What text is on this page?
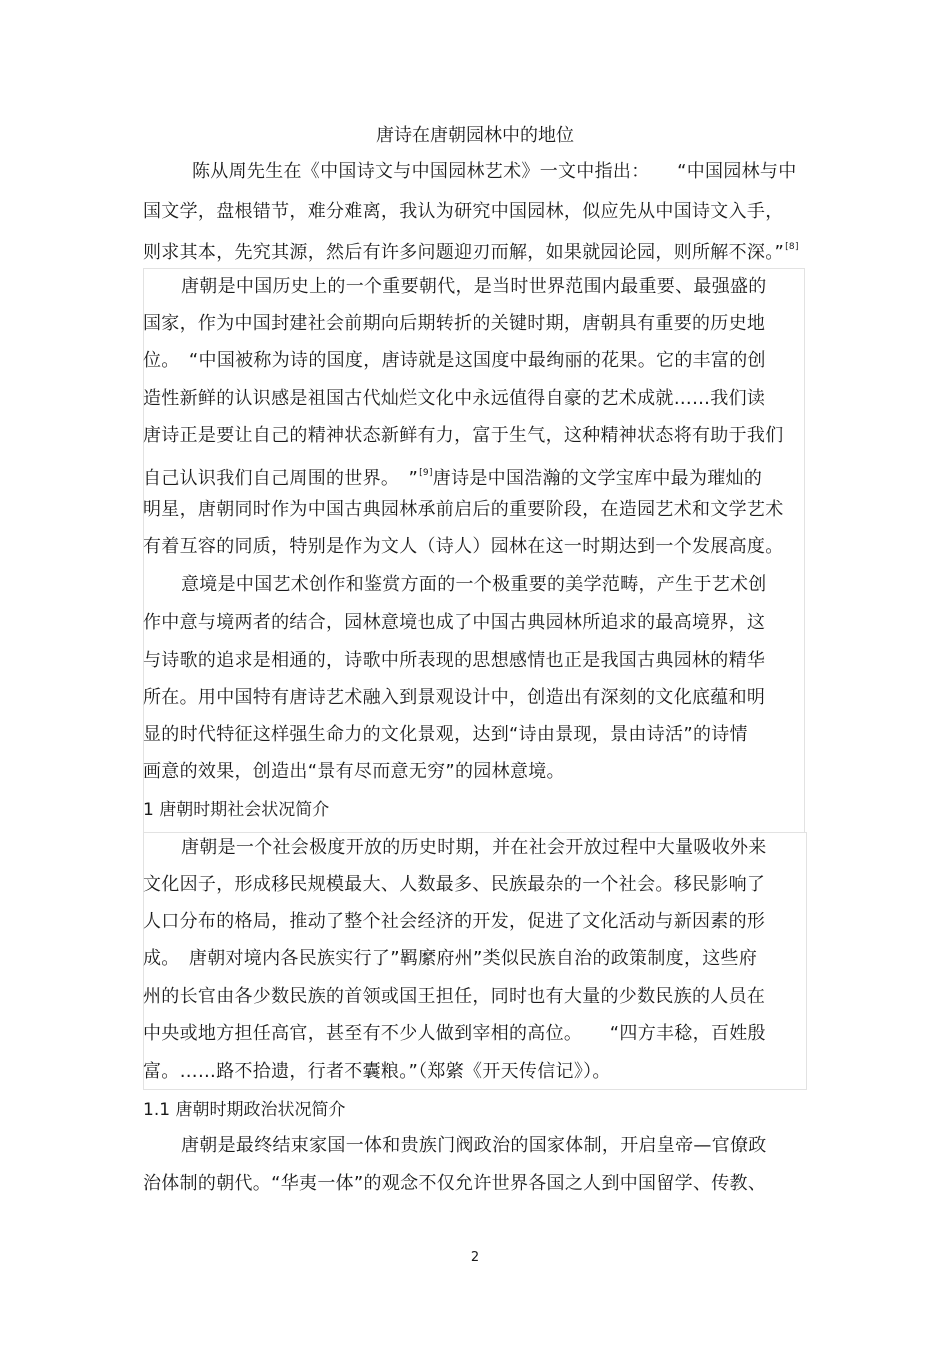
唐诗在唐朝园林中的地位
陈从周先生在《中国诗文与中国园林艺术》一文中指出：　　“中国园林与中
国文学，盘根错节，难分难离，我认为研究中国园林，似应先从中国诗文入手，
则求其本，先究其源，然后有许多问题迎刃而解，如果就园论园，则所解不深。”[8]
唐朝是中国历史上的一个重要朝代，是当时世界范围内最重要、最强盛的
国家，作为中国封建社会前期向后期转折的关键时期，唐朝具有重要的历史地
位。　“中国被称为诗的国度，唐诗就是这国度中最绚丽的花果。它的丰富的创
造性新鲜的认识感是祖国古代灿烂文化中永远值得自豪的艺术成就……我们读
唐诗正是要让自己的精神状态新鲜有力，富于生气，这种精神状态将有助于我们
自己认识我们自己周围的世界。　”[9]唐诗是中国浩瀚的文学宝库中最为璀灿的
明星，唐朝同时作为中国古典园林承前启后的重要阶段，在造园艺术和文学艺术
有着互容的同质，特别是作为文人（诗人）园林在这一时期达到一个发展高度。
意境是中国艺术创作和鉴赏方面的一个极重要的美学范畴，产生于艺术创
作中意与境两者的结合，园林意境也成了中国古典园林所追求的最高境界，这
与诗歌的追求是相通的，诗歌中所表现的思想感情也正是我国古典园林的精华
所在。用中国特有唐诗艺术融入到景观设计中，创造出有深刻的文化底蕴和明
显的时代特征这样强生命力的文化景观，达到“诗由景现，景由诗活”的诗情
画意的效果，创造出“景有尽而意无穷”的园林意境。
1 唐朝时期社会状况简介
唐朝是一个社会极度开放的历史时期，并在社会开放过程中大量吸收外来
文化因子，形成移民规模最大、人数最多、民族最杂的一个社会。移民影响了
人口分布的格局，推动了整个社会经济的开发，促进了文化活动与新因素的形
成。　唐朝对境内各民族实行了”羁縻府州”类似民族自治的政策制度，这些府
州的长官由各少数民族的首领或国王担任，同时也有大量的少数民族的人员在
中央或地方担任高官，甚至有不少人做到宰相的高位。　　“四方丰稔，百姓殷
富。……路不拾遗，行者不囊粮。”（郑綮《开天传信记》）。
1.1 唐朝时期政治状况简介
唐朝是最终结束家国一体和贵族门阀政治的国家体制，开启皇帝—官僚政
治体制的朝代。“华夷一体”的观念不仅允许世界各国之人到中国留学、传教、
2
